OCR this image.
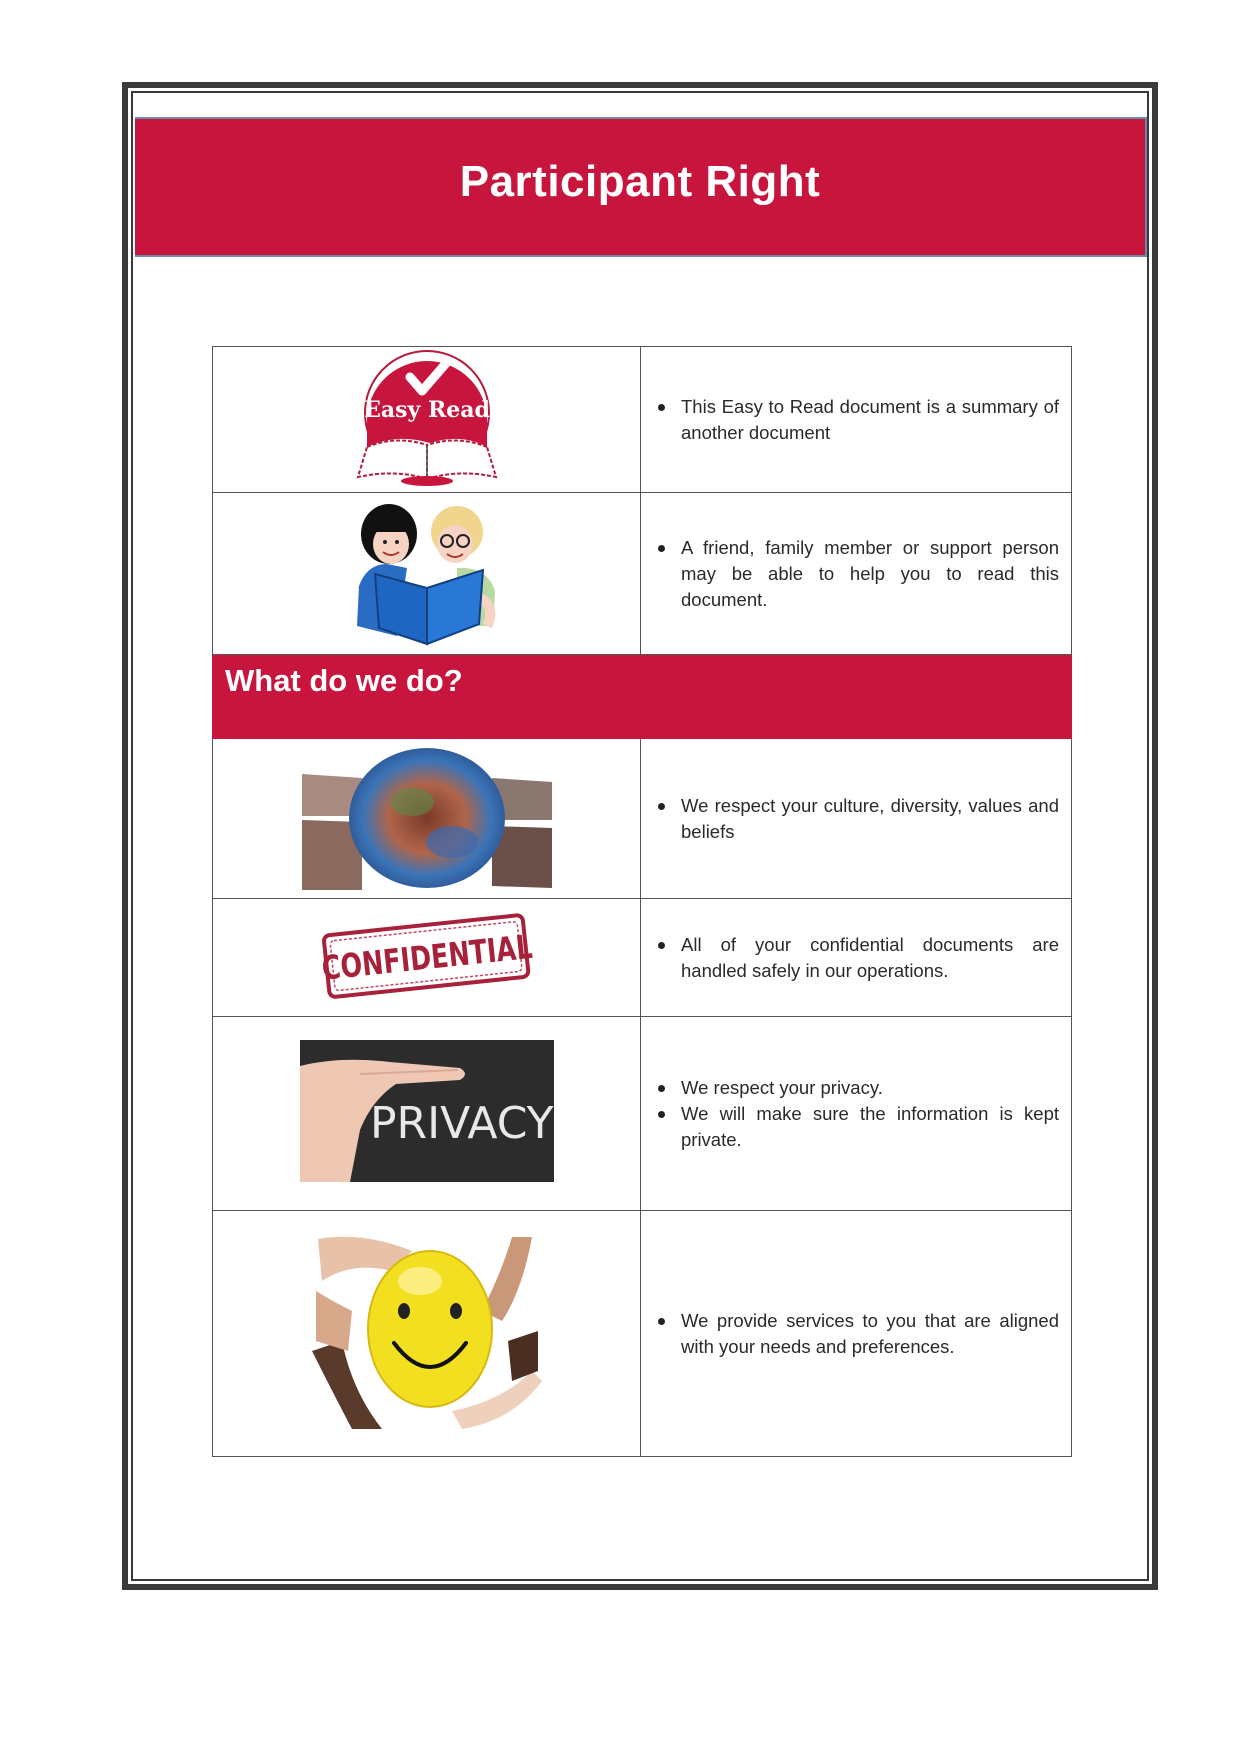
Participant Right
Easy Read	This Easy to Read document is a summary of another document

A friend, family member or support person may be able to help you to read this document.

What do we do?

We respect your culture, diversity, values and beliefs

CONFIDENTIAL	All of your confidential documents are handled safely in our operations.

PRIVACY

We respect your privacy.
We will make sure the information is kept private.

We provide services to you that are aligned with your needs and preferences.
